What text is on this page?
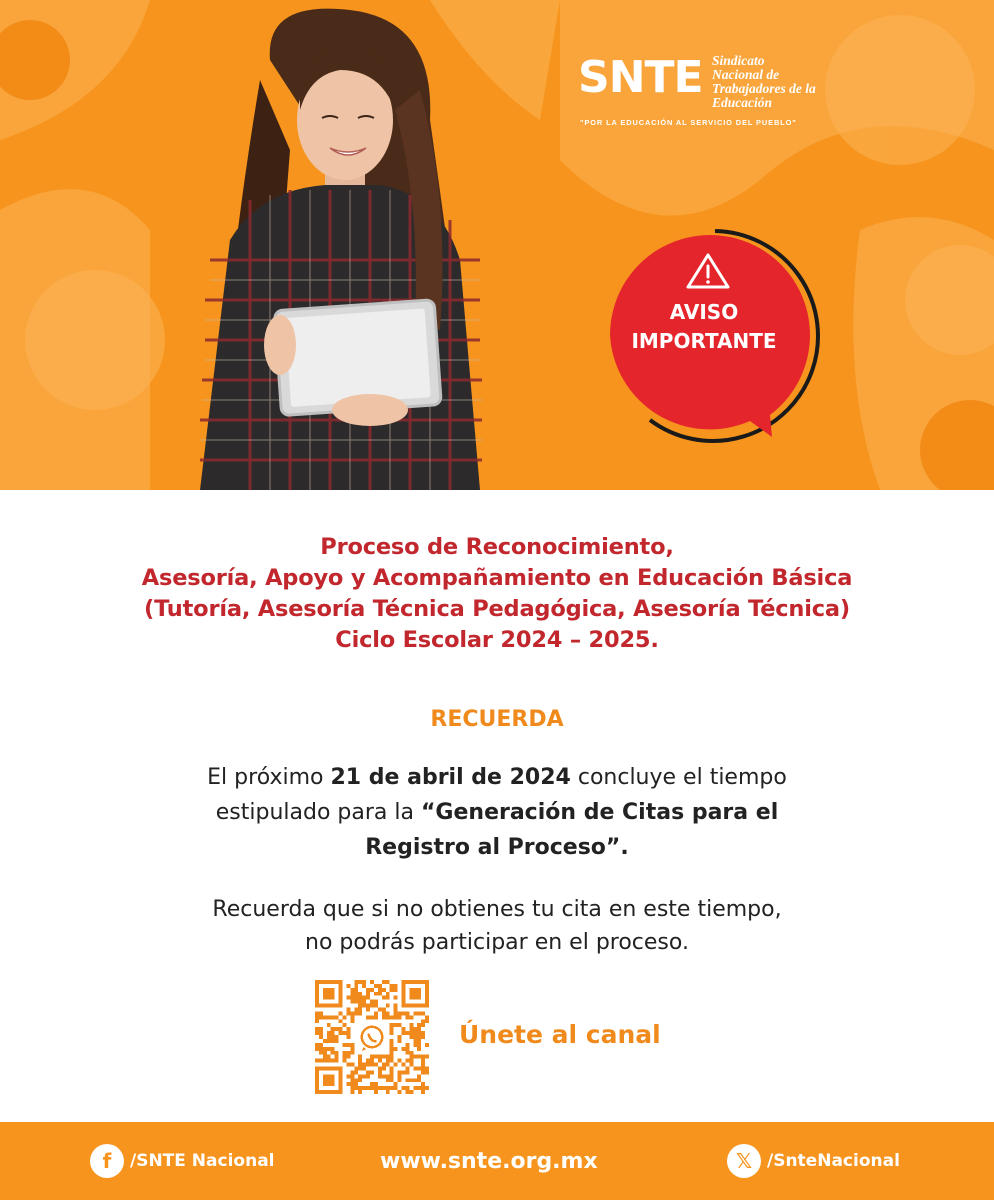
SNTE Sindicato
Nacional de
Trabajadores de la
Educación
"POR LA EDUCACIÓN AL SERVICIO DEL PUEBLO"
AVISO
IMPORTANTE
Proceso de Reconocimiento,
Asesoría, Apoyo y Acompañamiento en Educación Básica
(Tutoría, Asesoría Técnica Pedagógica, Asesoría Técnica)
Ciclo Escolar 2024 – 2025.
RECUERDA
El próximo 21 de abril de 2024 concluye el tiempo
estipulado para la “Generación de Citas para el
Registro al Proceso”.
Recuerda que si no obtienes tu cita en este tiempo,
no podrás participar en el proceso.
Únete al canal
f	/SNTE Nacional	www.snte.org.mx	𝕏 /SnteNacional
